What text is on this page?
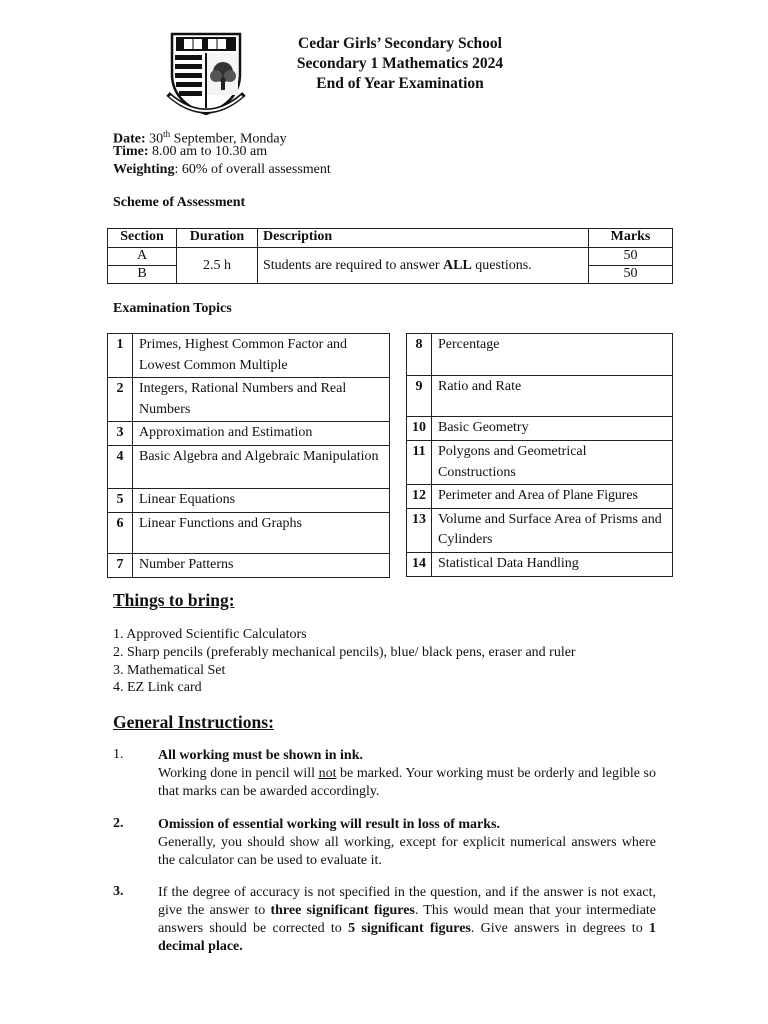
Cedar Girls’ Secondary School
Secondary 1 Mathematics 2024
End of Year Examination
Date: 30th September, Monday
Time: 8.00 am to 10.30 am
Weighting: 60% of overall assessment
Scheme of Assessment
Section	Duration	Description	Marks
A	2.5 h	Students are required to answer ALL questions.	50
B			50
Examination Topics
1	Primes, Highest Common Factor and Lowest Common Multiple
2	Integers, Rational Numbers and Real Numbers
3	Approximation and Estimation
4	Basic Algebra and Algebraic Manipulation
5	Linear Equations
6	Linear Functions and Graphs
7	Number Patterns
8	Percentage
9	Ratio and Rate
10	Basic Geometry
11	Polygons and Geometrical Constructions
12	Perimeter and Area of Plane Figures
13	Volume and Surface Area of Prisms and Cylinders
14	Statistical Data Handling
Things to bring:
1. Approved Scientific Calculators
2. Sharp pencils (preferably mechanical pencils), blue/ black pens, eraser and ruler
3. Mathematical Set
4. EZ Link card
General Instructions:
1. All working must be shown in ink.
Working done in pencil will not be marked. Your working must be orderly and legible so that marks can be awarded accordingly.
2. Omission of essential working will result in loss of marks.
Generally, you should show all working, except for explicit numerical answers where the calculator can be used to evaluate it.
3. If the degree of accuracy is not specified in the question, and if the answer is not exact, give the answer to three significant figures. This would mean that your intermediate answers should be corrected to 5 significant figures. Give answers in degrees to 1 decimal place.
